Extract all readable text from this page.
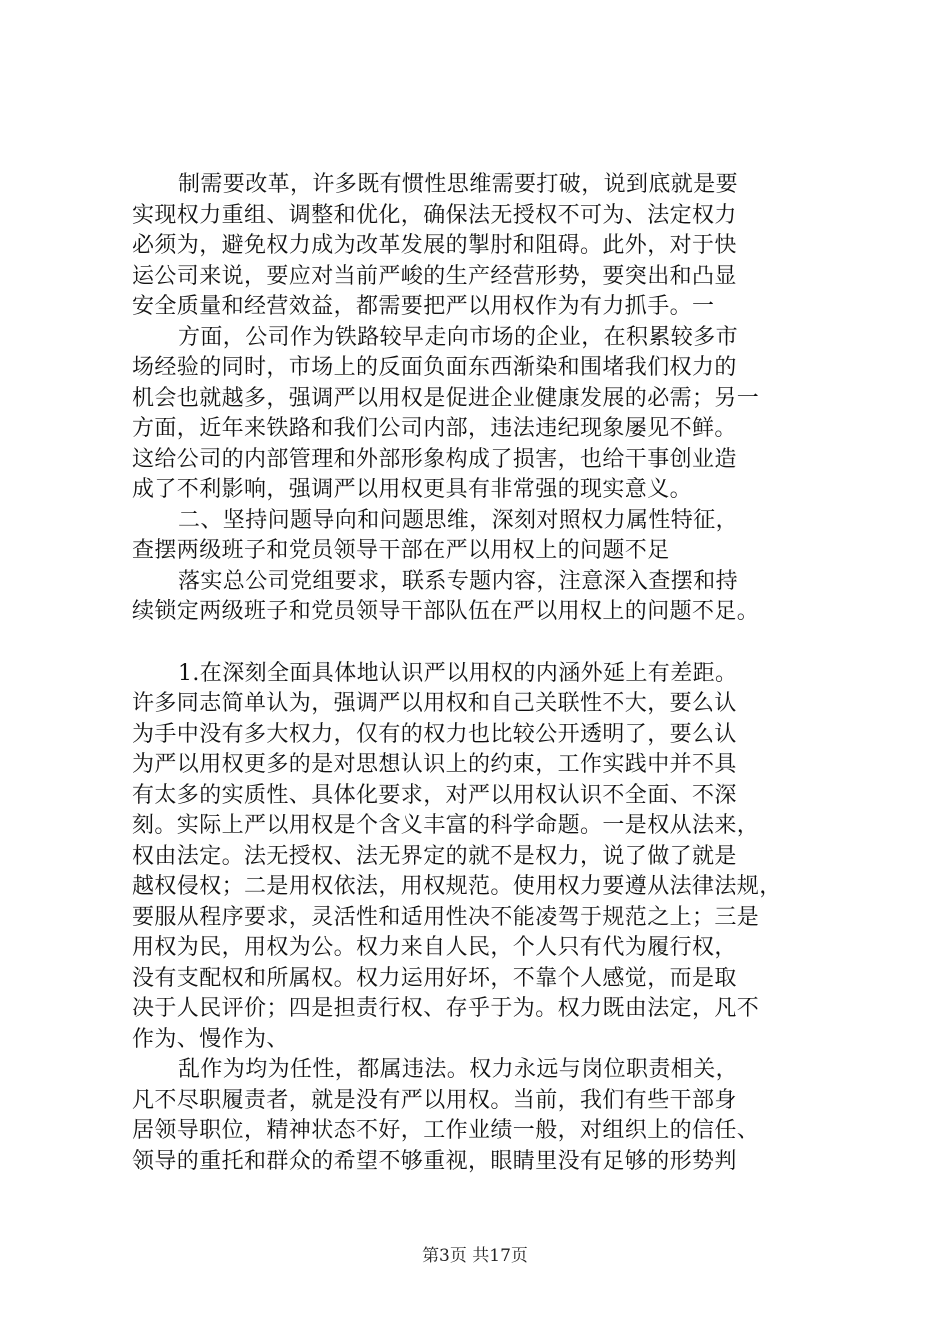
制需要改革，许多既有惯性思维需要打破，说到底就是要
实现权力重组、调整和优化，确保法无授权不可为、法定权力
必须为，避免权力成为改革发展的掣肘和阻碍。此外，对于快
运公司来说，要应对当前严峻的生产经营形势，要突出和凸显
安全质量和经营效益，都需要把严以用权作为有力抓手。一
方面，公司作为铁路较早走向市场的企业，在积累较多市
场经验的同时，市场上的反面负面东西渐染和围堵我们权力的
机会也就越多，强调严以用权是促进企业健康发展的必需；另一
方面，近年来铁路和我们公司内部，违法违纪现象屡见不鲜。
这给公司的内部管理和外部形象构成了损害，也给干事创业造
成了不利影响，强调严以用权更具有非常强的现实意义。
二、坚持问题导向和问题思维，深刻对照权力属性特征，
查摆两级班子和党员领导干部在严以用权上的问题不足
落实总公司党组要求，联系专题内容，注意深入查摆和持
续锁定两级班子和党员领导干部队伍在严以用权上的问题不足。
1.在深刻全面具体地认识严以用权的内涵外延上有差距。
许多同志简单认为，强调严以用权和自己关联性不大，要么认
为手中没有多大权力，仅有的权力也比较公开透明了，要么认
为严以用权更多的是对思想认识上的约束，工作实践中并不具
有太多的实质性、具体化要求，对严以用权认识不全面、不深
刻。实际上严以用权是个含义丰富的科学命题。一是权从法来，
权由法定。法无授权、法无界定的就不是权力，说了做了就是
越权侵权；二是用权依法，用权规范。使用权力要遵从法律法规，
要服从程序要求，灵活性和适用性决不能凌驾于规范之上；三是
用权为民，用权为公。权力来自人民，个人只有代为履行权，
没有支配权和所属权。权力运用好坏，不靠个人感觉，而是取
决于人民评价；四是担责行权、存乎于为。权力既由法定，凡不
作为、慢作为、
乱作为均为任性，都属违法。权力永远与岗位职责相关，
凡不尽职履责者，就是没有严以用权。当前，我们有些干部身
居领导职位，精神状态不好，工作业绩一般，对组织上的信任、
领导的重托和群众的希望不够重视，眼睛里没有足够的形势判
第3页 共17页
